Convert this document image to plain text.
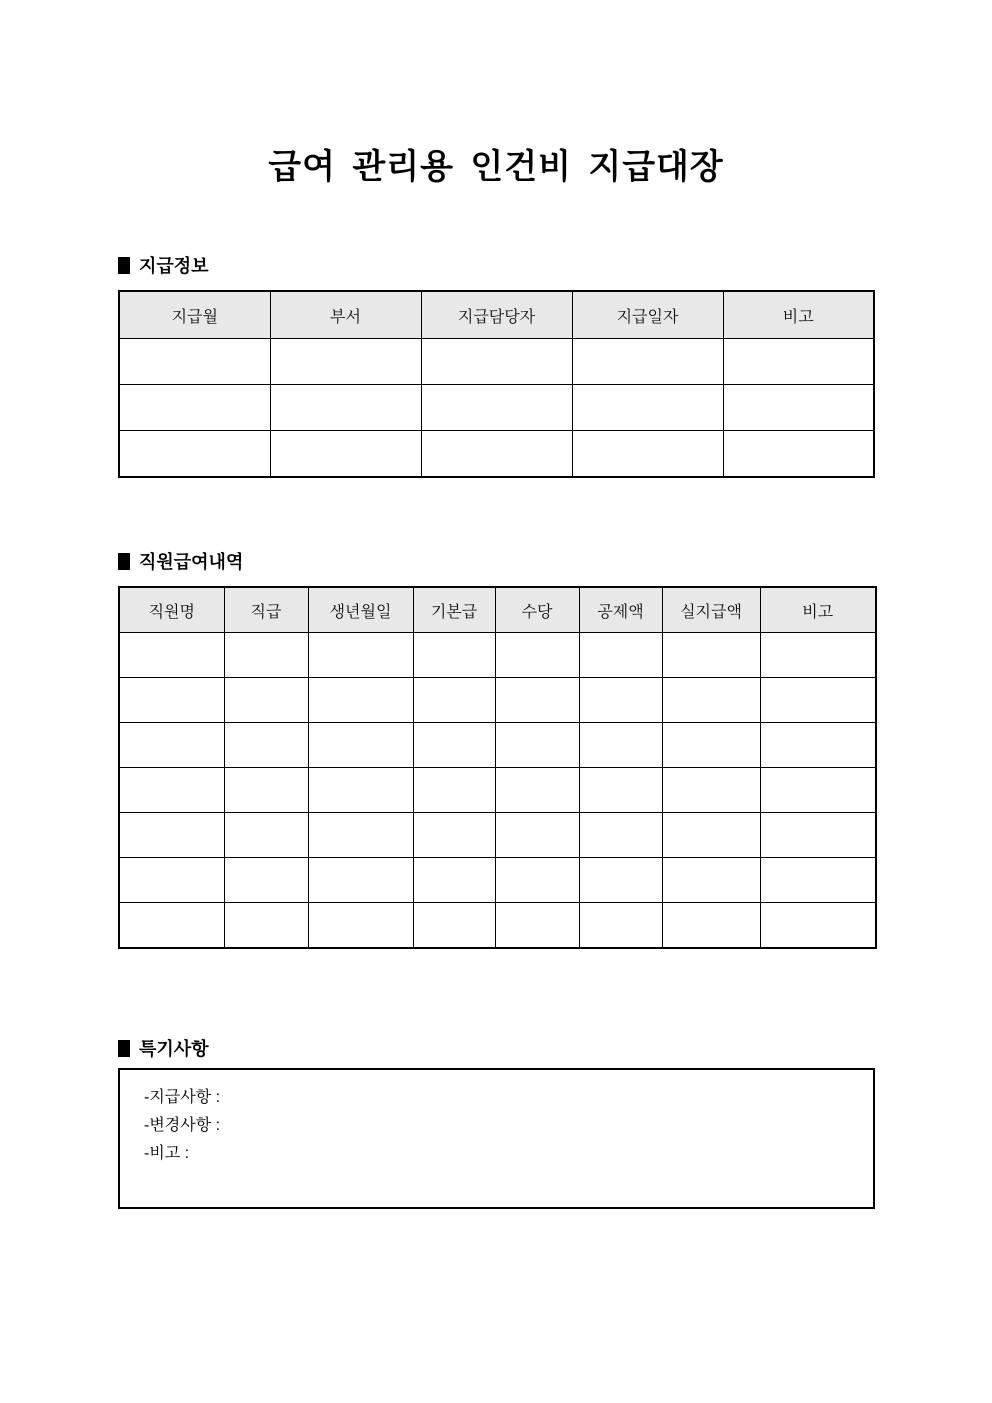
급여 관리용 인건비 지급대장
지급정보
지급월	부서	지급담당자	지급일자	비고

직원급여내역
직원명	직급	생년월일	기본급	수당	공제액	실지급액	비고

특기사항
-지급사항 :
-변경사항 :
-비고 :
